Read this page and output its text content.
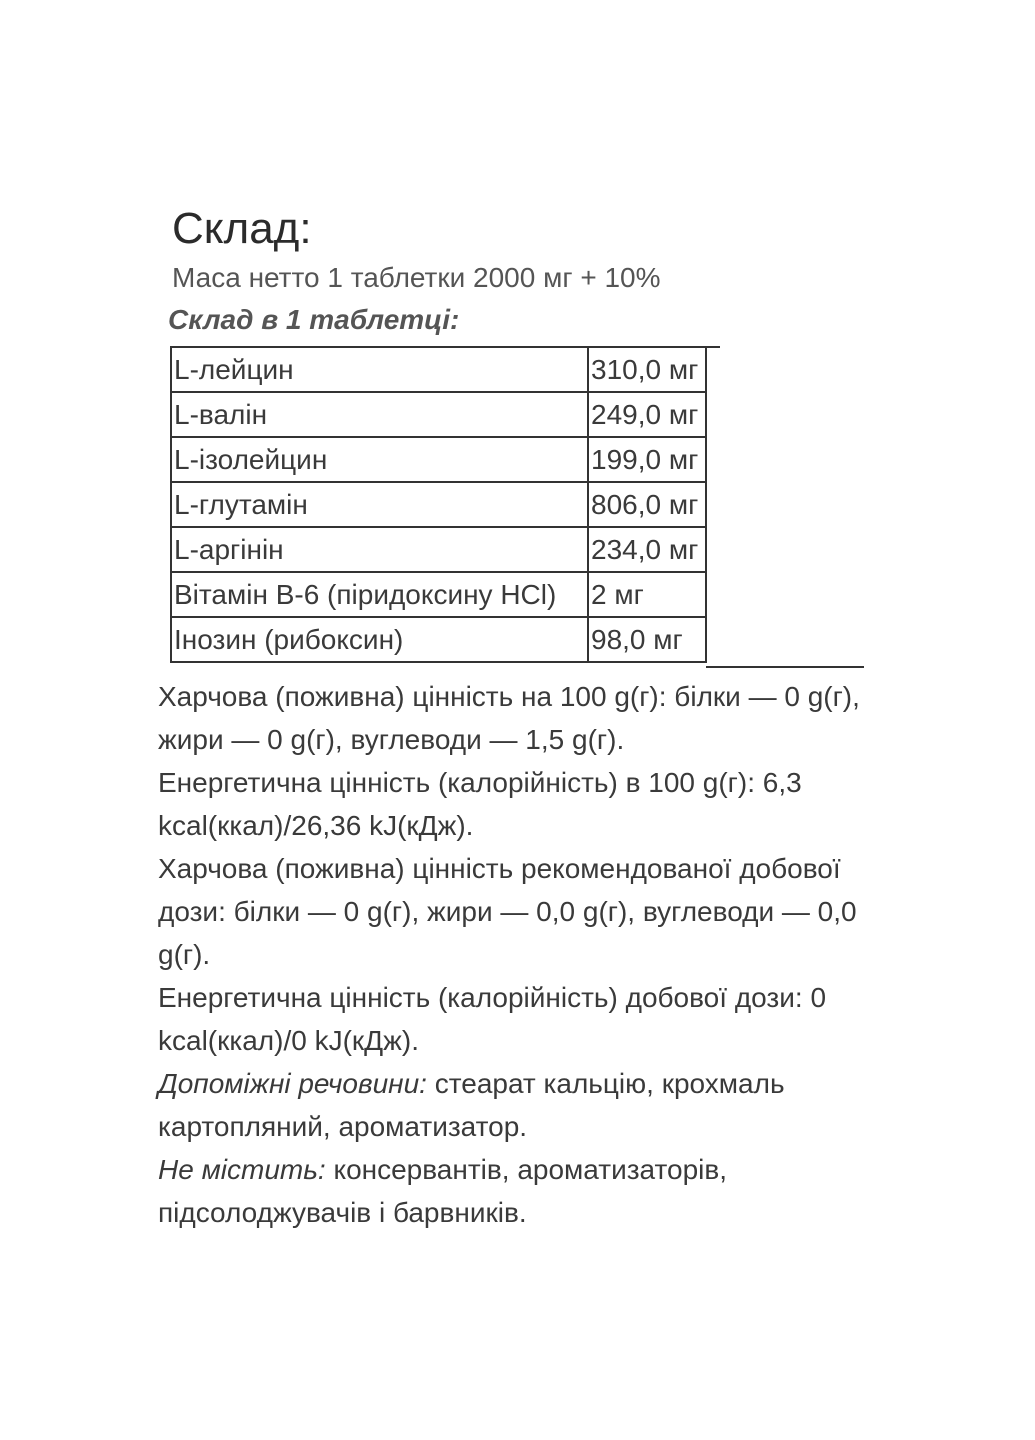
Склад:
Маса нетто 1 таблетки 2000 мг + 10%
Склад в 1 таблетці:
L-лейцин	310,0 мг
L-валін	249,0 мг
L-ізолейцин	199,0 мг
L-глутамін	806,0 мг
L-аргінін	234,0 мг
Вітамін В-6 (піридоксину HCl)	2 мг
Інозин (рибоксин)	98,0 мг

Харчова (поживна) цінність на 100 g(г): білки — 0 g(г), жири — 0 g(г), вуглеводи — 1,5 g(г).

Енергетична цінність (калорійність) в 100 g(г): 6,3 kcal(ккал)/26,36 kJ(кДж).

Харчова (поживна) цінність рекомендованої добової дози: білки — 0 g(г), жири — 0,0 g(г), вуглеводи — 0,0 g(г).

Енергетична цінність (калорійність) добової дози: 0 kcal(ккал)/0 kJ(кДж).

Допоміжні речовини: стеарат кальцію, крохмаль картопляний, ароматизатор.

Не містить: консервантів, ароматизаторів, підсолоджувачів і барвників.
